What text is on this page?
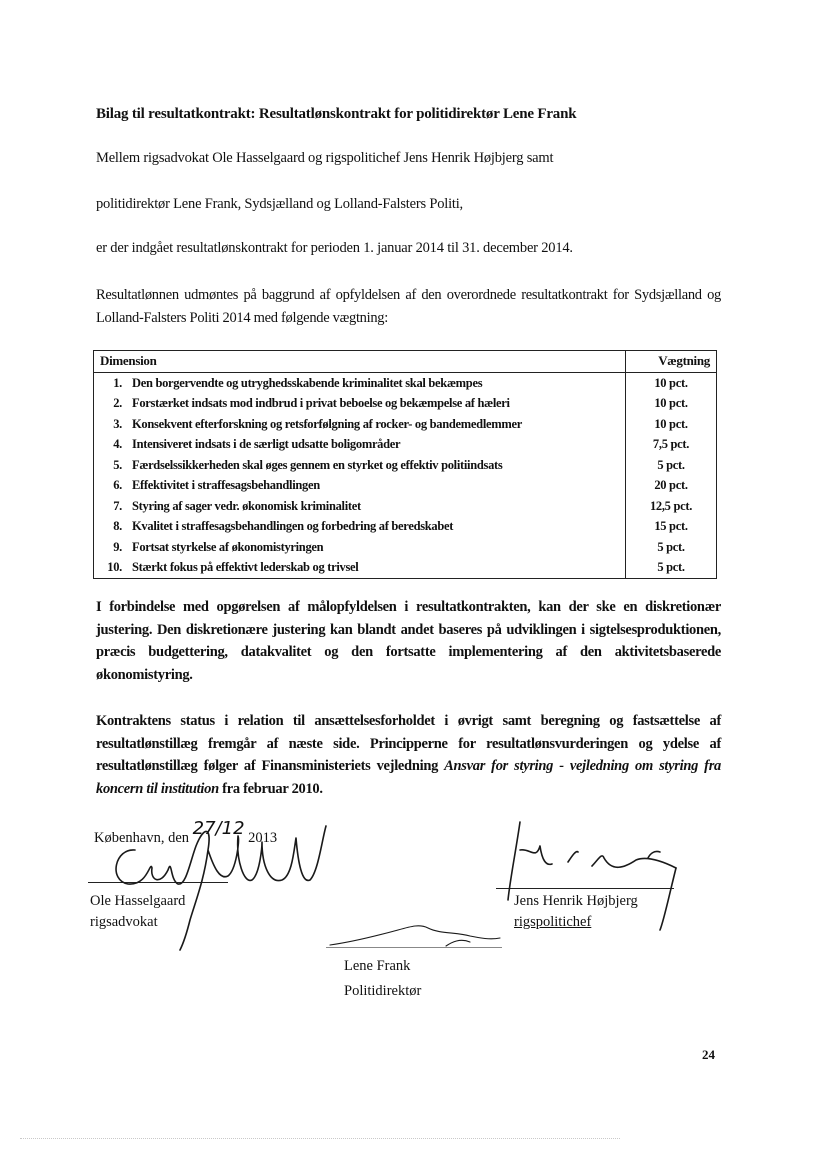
Bilag til resultatkontrakt: Resultatlønskontrakt for politidirektør Lene Frank
Mellem rigsadvokat Ole Hasselgaard og rigspolitichef Jens Henrik Højbjerg samt
politidirektør Lene Frank, Sydsjælland og Lolland-Falsters Politi,
er der indgået resultatlønskontrakt for perioden 1. januar 2014 til 31. december 2014.
Resultatlønnen udmøntes på baggrund af opfyldelsen af den overordnede resultatkontrakt for Sydsjælland og Lolland-Falsters Politi 2014 med følgende vægtning:
Dimension		Vægtning
1.	Den borgervendte og utryghedsskabende kriminalitet skal bekæmpes	10 pct.
2.	Forstærket indsats mod indbrud i privat beboelse og bekæmpelse af hæleri	10 pct.
3.	Konsekvent efterforskning og retsforfølgning af rocker- og bandemedlemmer	10 pct.
4.	Intensiveret indsats i de særligt udsatte boligområder	7,5 pct.
5.	Færdselssikkerheden skal øges gennem en styrket og effektiv politiindsats	5 pct.
6.	Effektivitet i straffesagsbehandlingen	20 pct.
7.	Styring af sager vedr. økonomisk kriminalitet	12,5 pct.
8.	Kvalitet i straffesagsbehandlingen og forbedring af beredskabet	15 pct.
9.	Fortsat styrkelse af økonomistyringen	5 pct.
10.	Stærkt fokus på effektivt lederskab og trivsel	5 pct.
I forbindelse med opgørelsen af målopfyldelsen i resultatkontrakten, kan der ske en diskretionær justering. Den diskretionære justering kan blandt andet baseres på udviklingen i sigtelsesproduktionen, præcis budgettering, datakvalitet og den fortsatte implementering af den aktivitetsbaserede økonomistyring.
Kontraktens status i relation til ansættelsesforholdet i øvrigt samt beregning og fastsættelse af resultatlønstillæg fremgår af næste side. Principperne for resultatlønsvurderingen og ydelse af resultatlønstillæg følger af Finansministeriets vejledning Ansvar for styring - vejledning om styring fra koncern til institution fra februar 2010.
København, den 27/12 2013
Ole Hasselgaard
rigsadvokat
Jens Henrik Højbjerg
rigspolitichef
Lene Frank
Politidirektør
24
